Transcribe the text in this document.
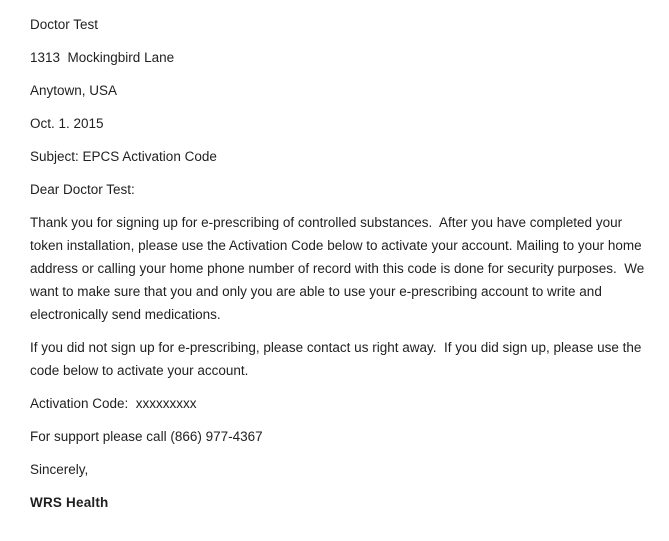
Doctor Test

1313  Mockingbird Lane

Anytown, USA

Oct. 1. 2015

Subject: EPCS Activation Code

Dear Doctor Test:

Thank you for signing up for e-prescribing of controlled substances.  After you have completed your token installation, please use the Activation Code below to activate your account. Mailing to your home address or calling your home phone number of record with this code is done for security purposes.  We want to make sure that you and only you are able to use your e-prescribing account to write and electronically send medications.

If you did not sign up for e-prescribing, please contact us right away.  If you did sign up, please use the code below to activate your account.

Activation Code:  xxxxxxxxx

For support please call (866) 977-4367

Sincerely,

WRS Health
